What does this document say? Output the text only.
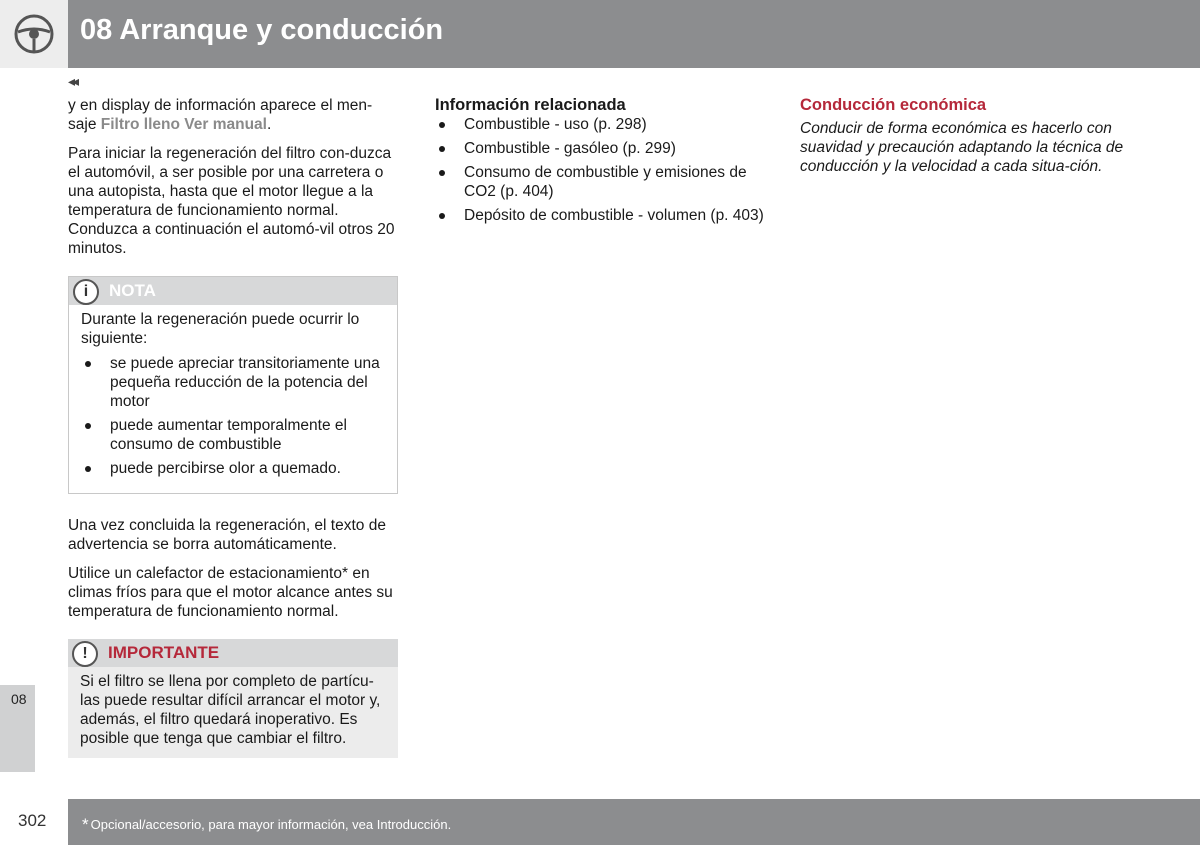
08 Arranque y conducción
08
◂◂

y en display de información aparece el men-saje Filtro lleno Ver manual.

Para iniciar la regeneración del filtro con-duzca el automóvil, a ser posible por una carretera o una autopista, hasta que el motor llegue a la temperatura de funcionamiento normal. Conduzca a continuación el automó-vil otros 20 minutos.

i	NOTA
Durante la regeneración puede ocurrir lo siguiente:
se puede apreciar transitoriamente una pequeña reducción de la potencia del motor
puede aumentar temporalmente el consumo de combustible
puede percibirse olor a quemado.

Una vez concluida la regeneración, el texto de advertencia se borra automáticamente.

Utilice un calefactor de estacionamiento* en climas fríos para que el motor alcance antes su temperatura de funcionamiento normal.

!	IMPORTANTE
Si el filtro se llena por completo de partícu-las puede resultar difícil arrancar el motor y, además, el filtro quedará inoperativo. Es posible que tenga que cambiar el filtro.
Información relacionada
Combustible - uso (p. 298)
Combustible - gasóleo (p. 299)
Consumo de combustible y emisiones de CO2 (p. 404)
Depósito de combustible - volumen (p. 403)
Conducción económica

Conducir de forma económica es hacerlo con suavidad y precaución adaptando la técnica de conducción y la velocidad a cada situa-ción.

302 * Opcional/accesorio, para mayor información, vea Introducción.
